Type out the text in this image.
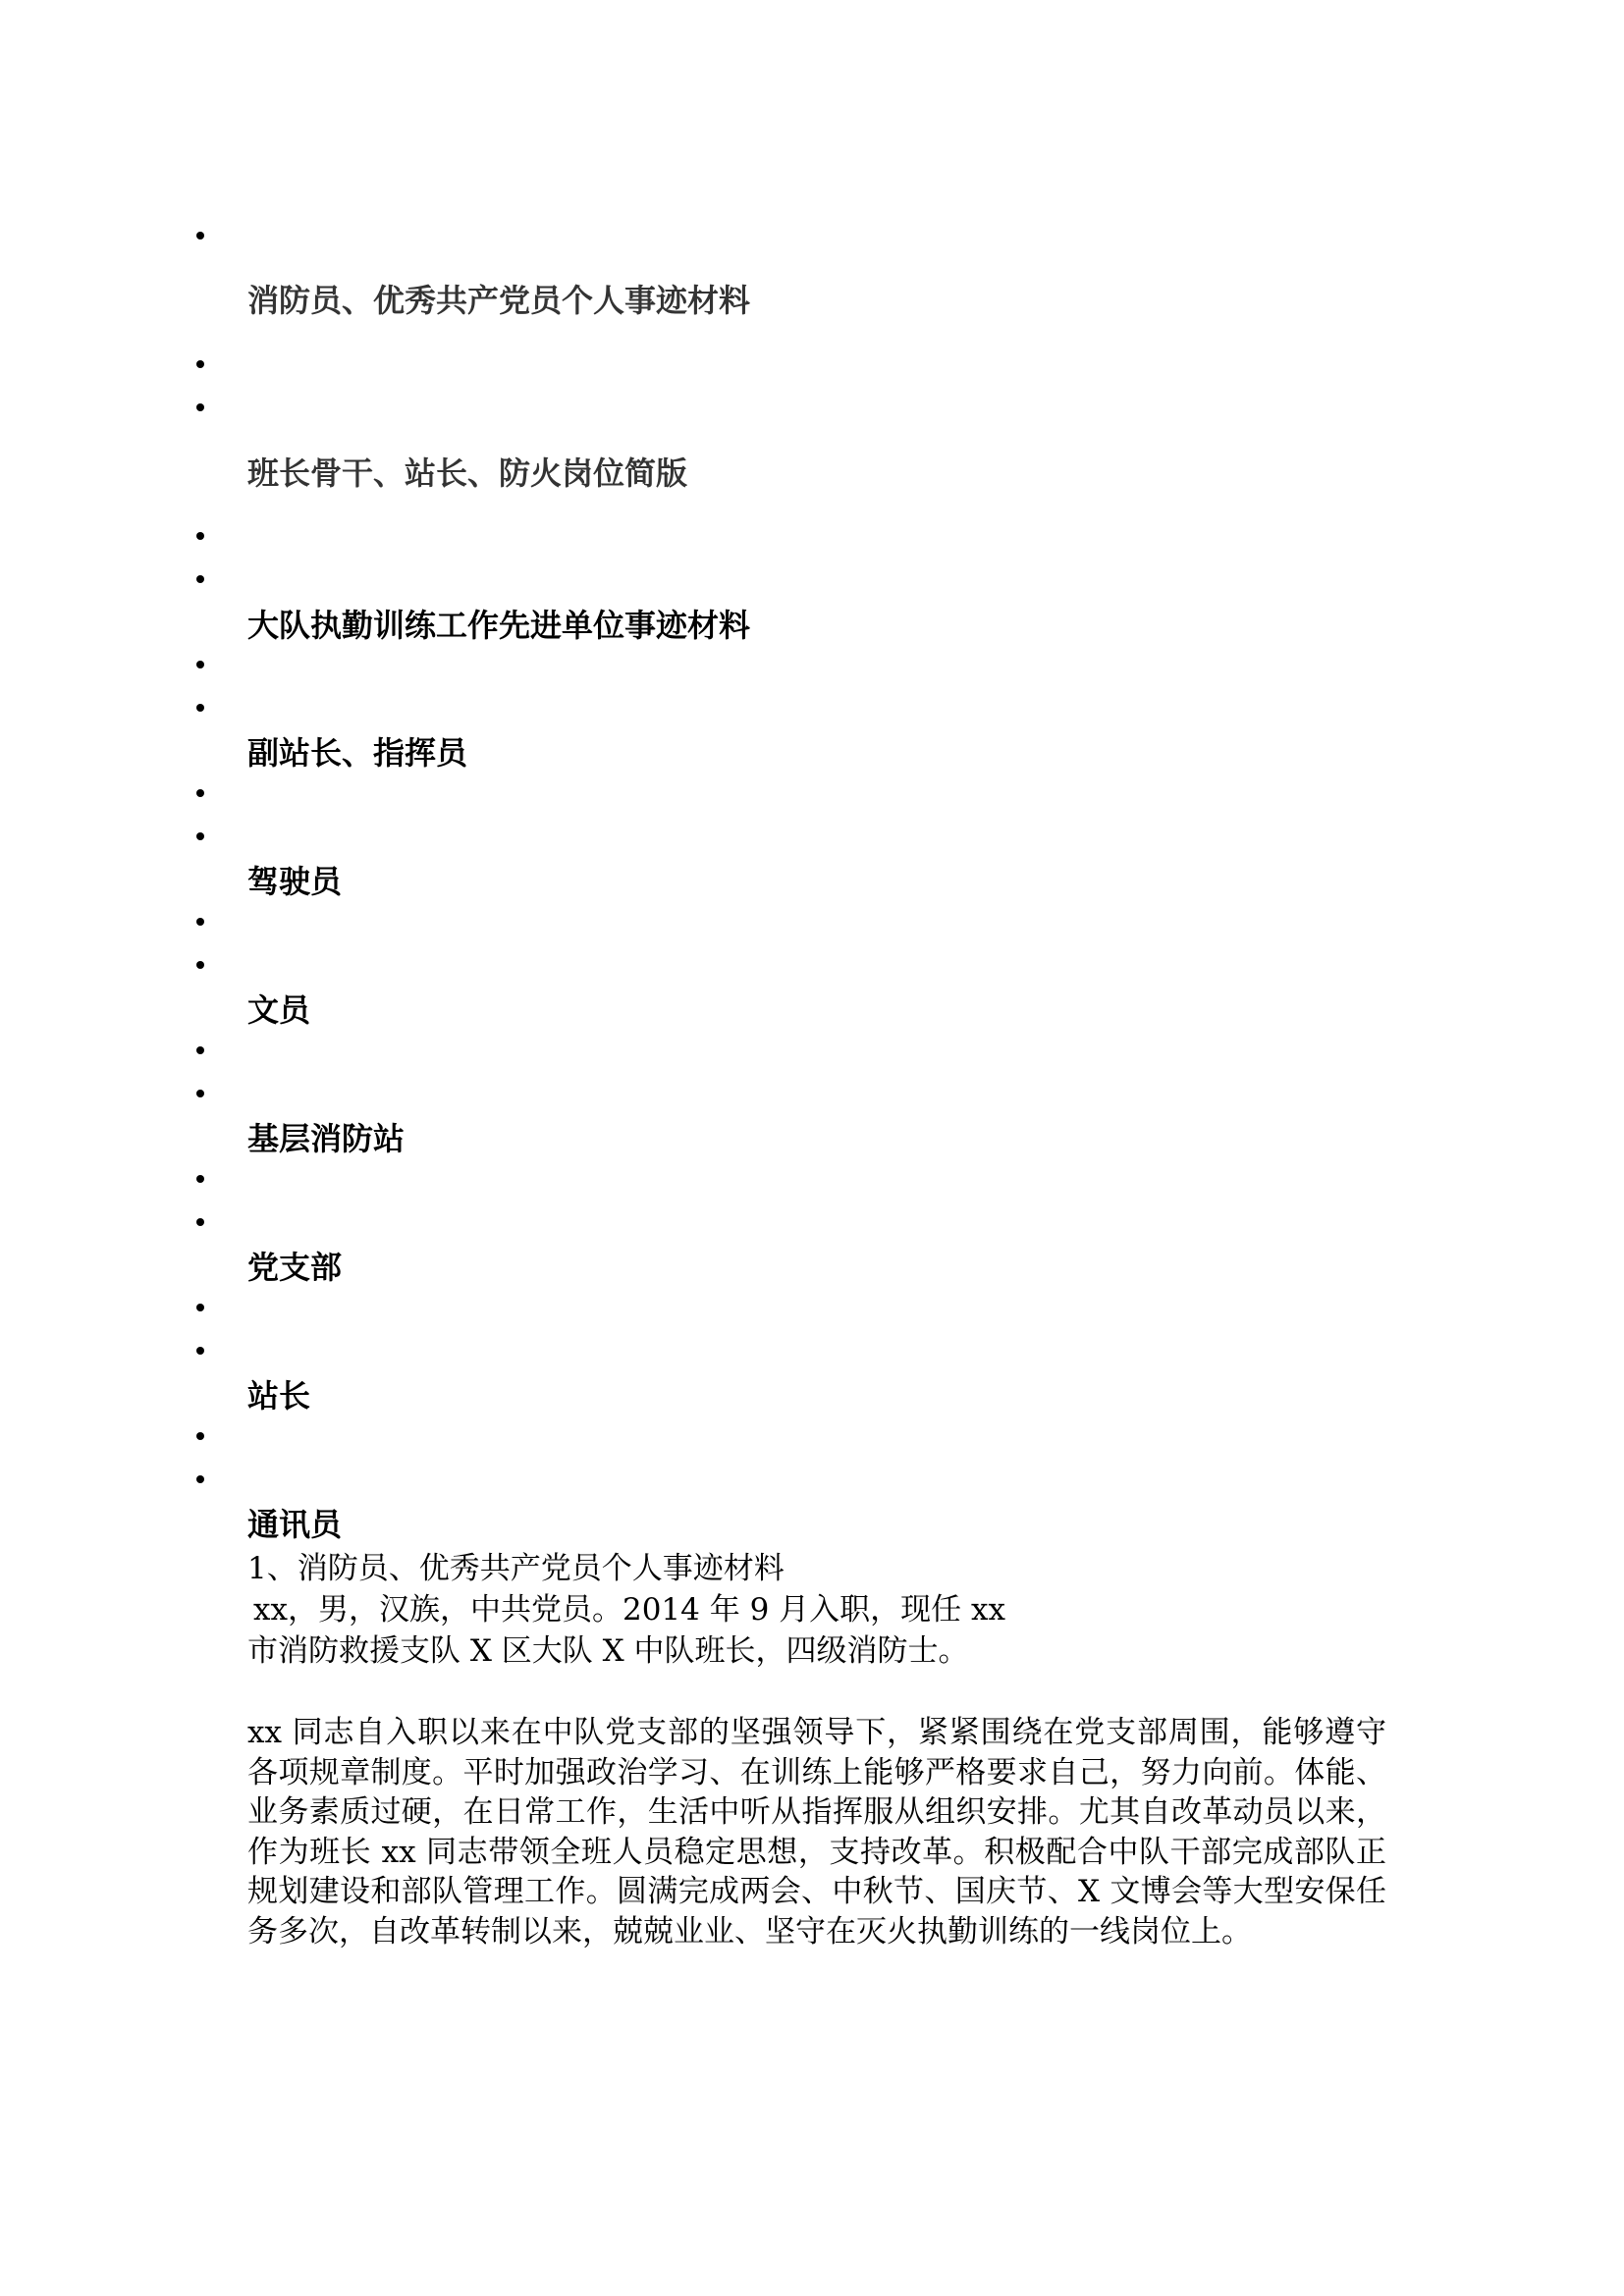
消防员、优秀共产党员个人事迹材料
班长骨干、站长、防火岗位简版
大队执勤训练工作先进单位事迹材料
副站长、指挥员
驾驶员
文员
基层消防站
党支部
站长
通讯员
1、消防员、优秀共产党员个人事迹材料
xx，男，汉族，中共党员。2014 年 9 月入职，现任 xx
市消防救援支队 X 区大队 X 中队班长，四级消防士。
xx 同志自入职以来在中队党支部的坚强领导下，紧紧围绕在党支部周围，能够遵守各项规章制度。平时加强政治学习、在训练上能够严格要求自己，努力向前。体能、业务素质过硬，在日常工作，生活中听从指挥服从组织安排。尤其自改革动员以来，作为班长 xx 同志带领全班人员稳定思想，支持改革。积极配合中队干部完成部队正规划建设和部队管理工作。圆满完成两会、中秋节、国庆节、X 文博会等大型安保任务多次，自改革转制以来，兢兢业业、坚守在灭火执勤训练的一线岗位上。
